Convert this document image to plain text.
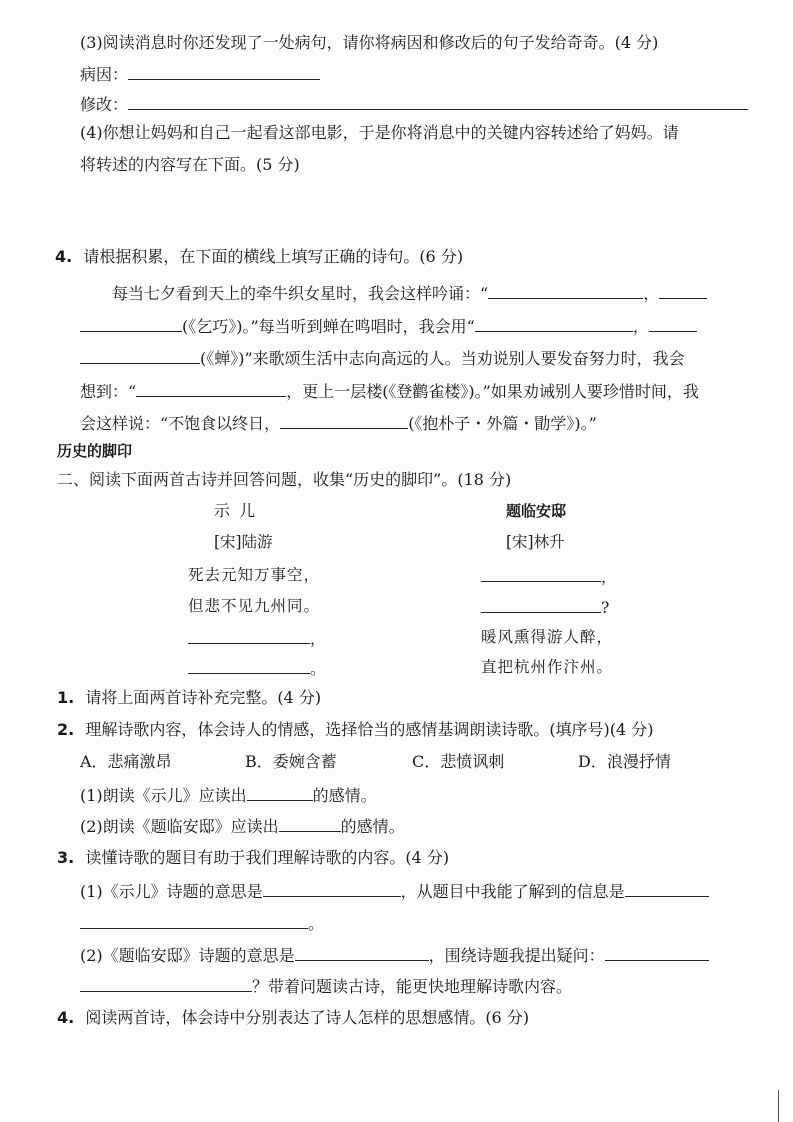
(3)阅读消息时你还发现了一处病句，请你将病因和修改后的句子发给奇奇。(4 分)
病因：
修改：
(4)你想让妈妈和自己一起看这部电影，于是你将消息中的关键内容转述给了妈妈。请
将转述的内容写在下面。(5 分)
4. 请根据积累，在下面的横线上填写正确的诗句。(6 分)
每当七夕看到天上的牵牛织女星时，我会这样吟诵：“	，
(《乞巧》)。”每当听到蝉在鸣唱时，我会用“	，
(《蝉》)”来歌颂生活中志向高远的人。当劝说别人要发奋努力时，我会
想到：“	，更上一层楼(《登鹳雀楼》)。”如果劝诫别人要珍惜时间，我
会这样说：“不饱食以终日，	(《抱朴子・外篇・勖学》)。”
历史的脚印
二、阅读下面两首古诗并回答问题，收集“历史的脚印”。(18 分)
示 儿
[宋]陆游
死去元知万事空，
但悲不见九州同。
，
。
题临安邸
[宋]林升
，
?
暖风熏得游人醉，
直把杭州作汴州。
1. 请将上面两首诗补充完整。(4 分)
2. 理解诗歌内容，体会诗人的情感，选择恰当的感情基调朗读诗歌。(填序号)(4 分)
A．悲痛激昂	B．委婉含蓄	C．悲愤讽刺	D．浪漫抒情
(1)朗读《示儿》应读出	的感情。
(2)朗读《题临安邸》应读出	的感情。
3. 读懂诗歌的题目有助于我们理解诗歌的内容。(4 分)
(1)《示儿》诗题的意思是	，从题目中我能了解到的信息是
。
(2)《题临安邸》诗题的意思是	，围绕诗题我提出疑问：
？带着问题读古诗，能更快地理解诗歌内容。
4. 阅读两首诗，体会诗中分别表达了诗人怎样的思想感情。(6 分)
